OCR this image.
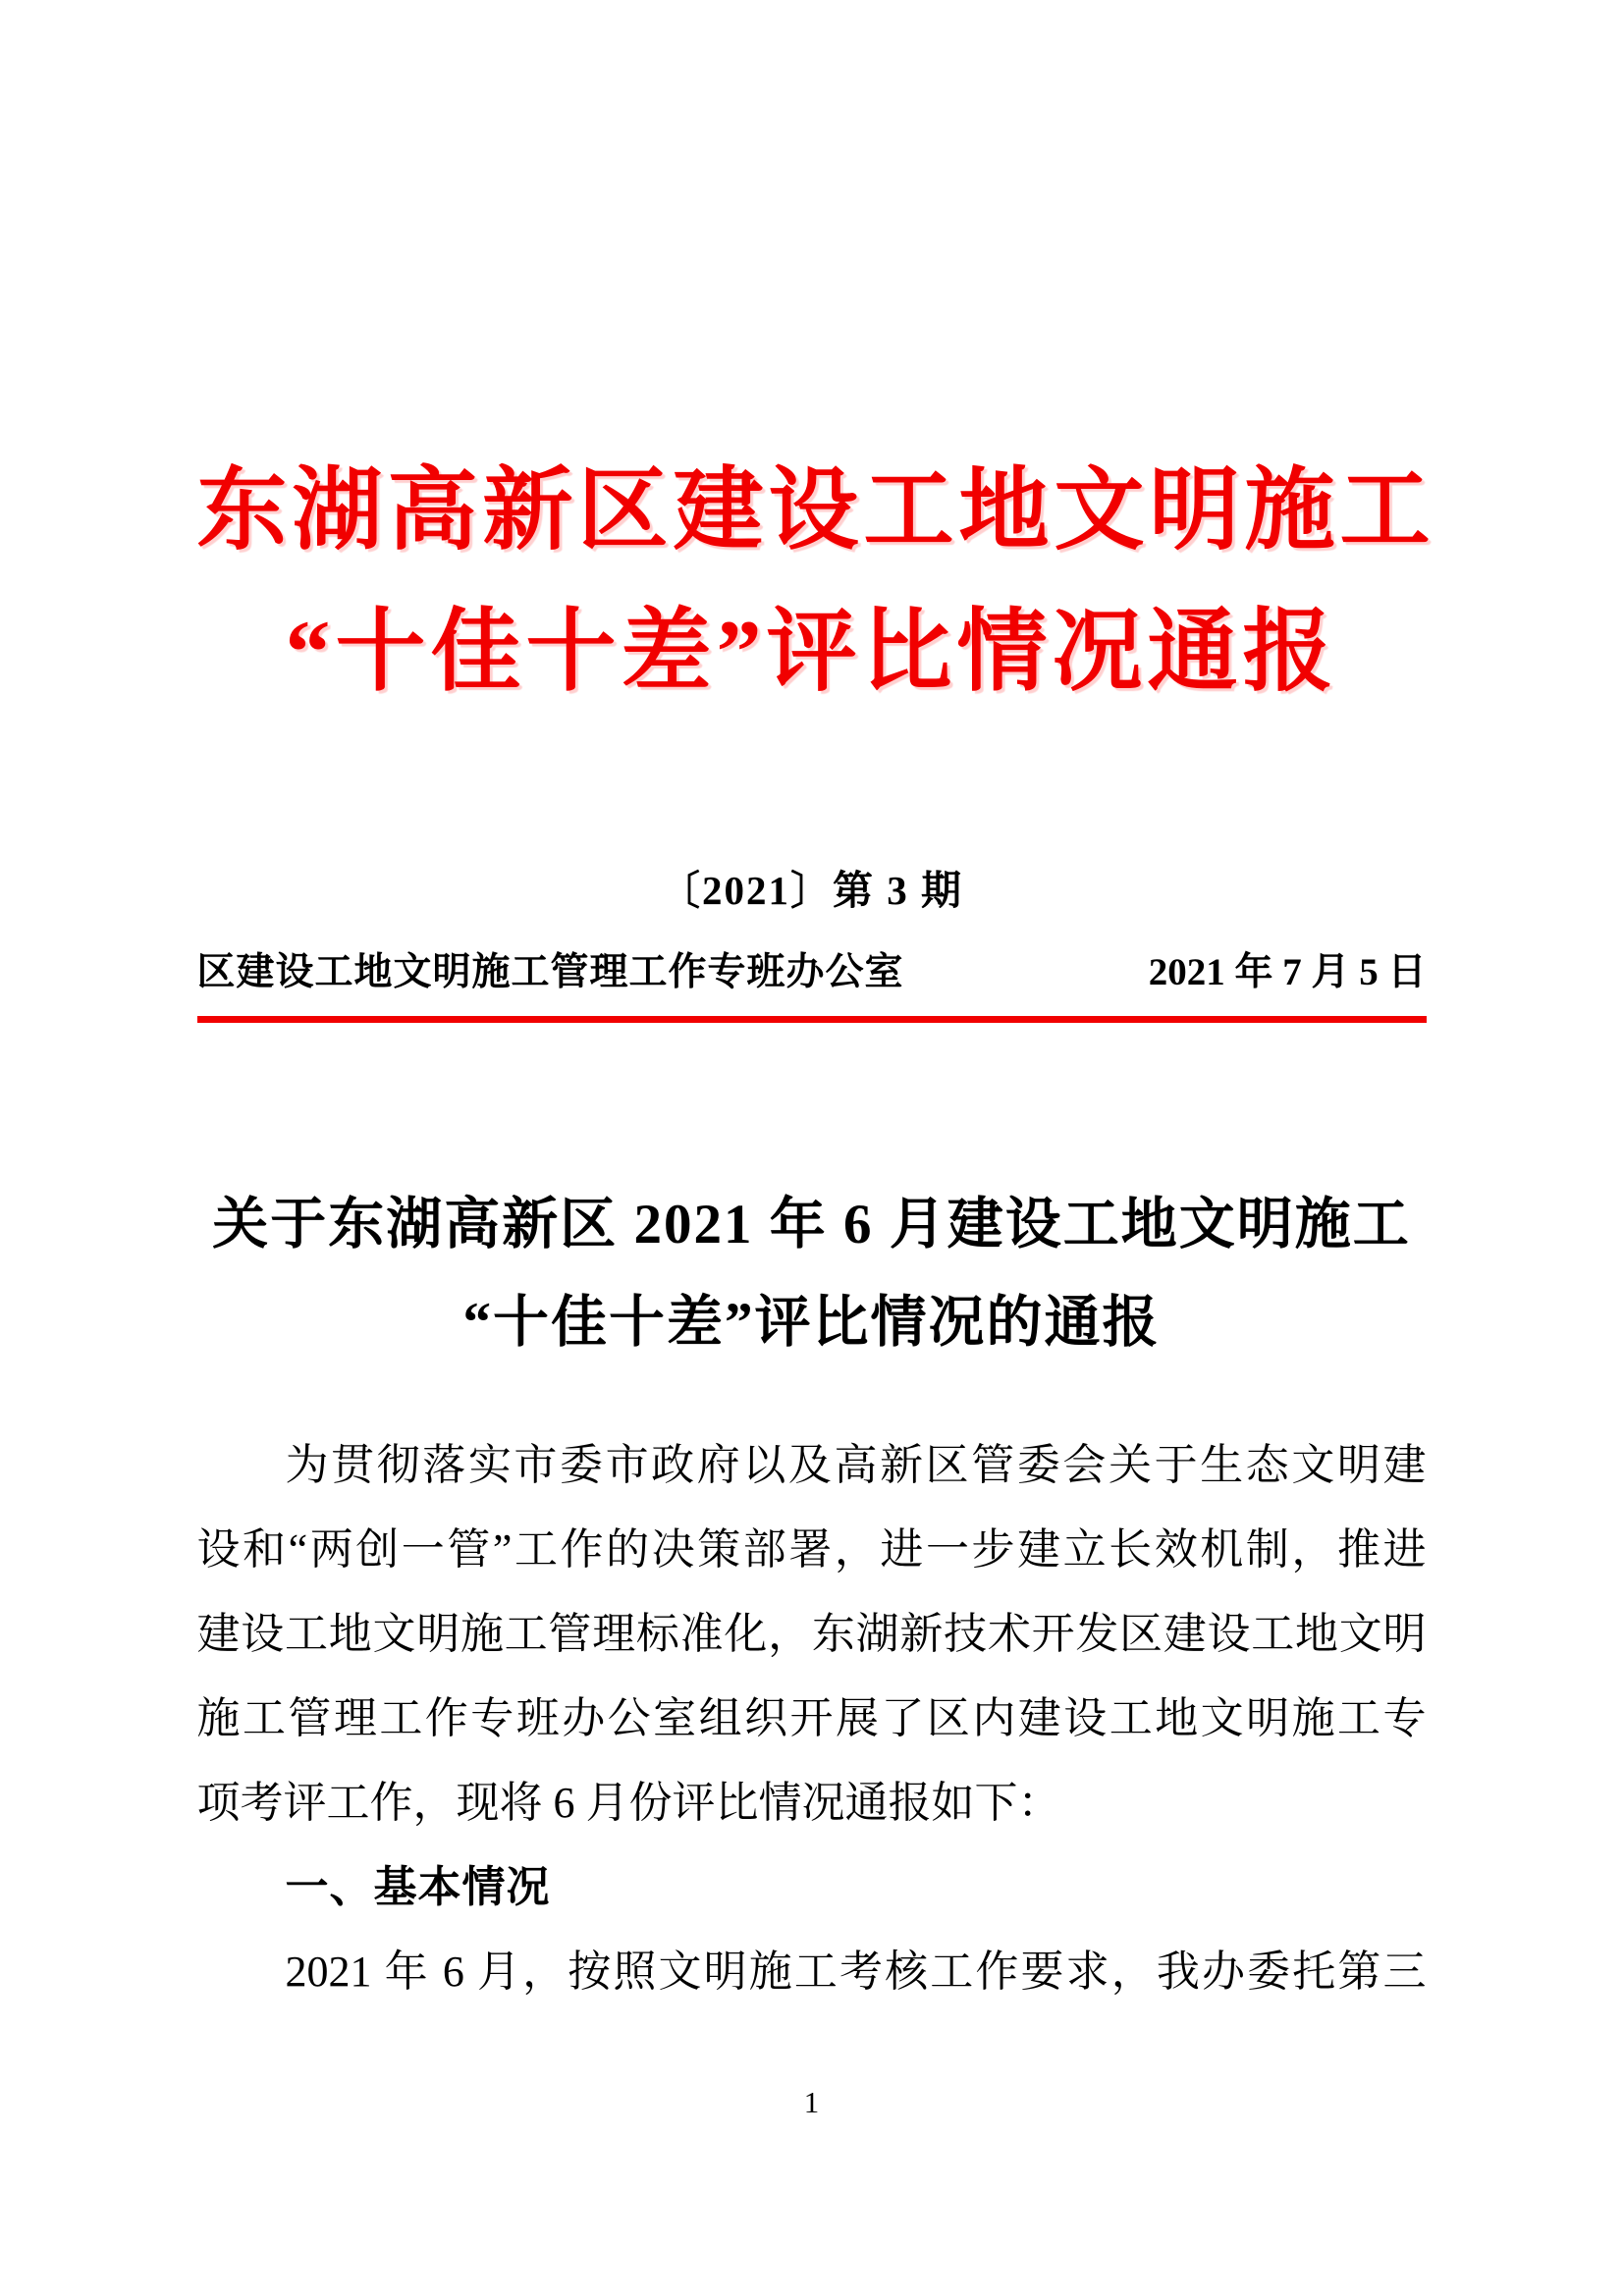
东湖高新区建设工地文明施工
“十佳十差”评比情况通报
〔2021〕第 3 期
区建设工地文明施工管理工作专班办公室	2021 年 7 月 5 日
关于东湖高新区 2021 年 6 月建设工地文明施工
“十佳十差”评比情况的通报

为贯彻落实市委市政府以及高新区管委会关于生态文明建

设和“两创一管”工作的决策部署，进一步建立长效机制，推进

建设工地文明施工管理标准化，东湖新技术开发区建设工地文明

施工管理工作专班办公室组织开展了区内建设工地文明施工专

项考评工作，现将 6 月份评比情况通报如下：

一、基本情况

2021 年 6 月，按照文明施工考核工作要求，我办委托第三

1
